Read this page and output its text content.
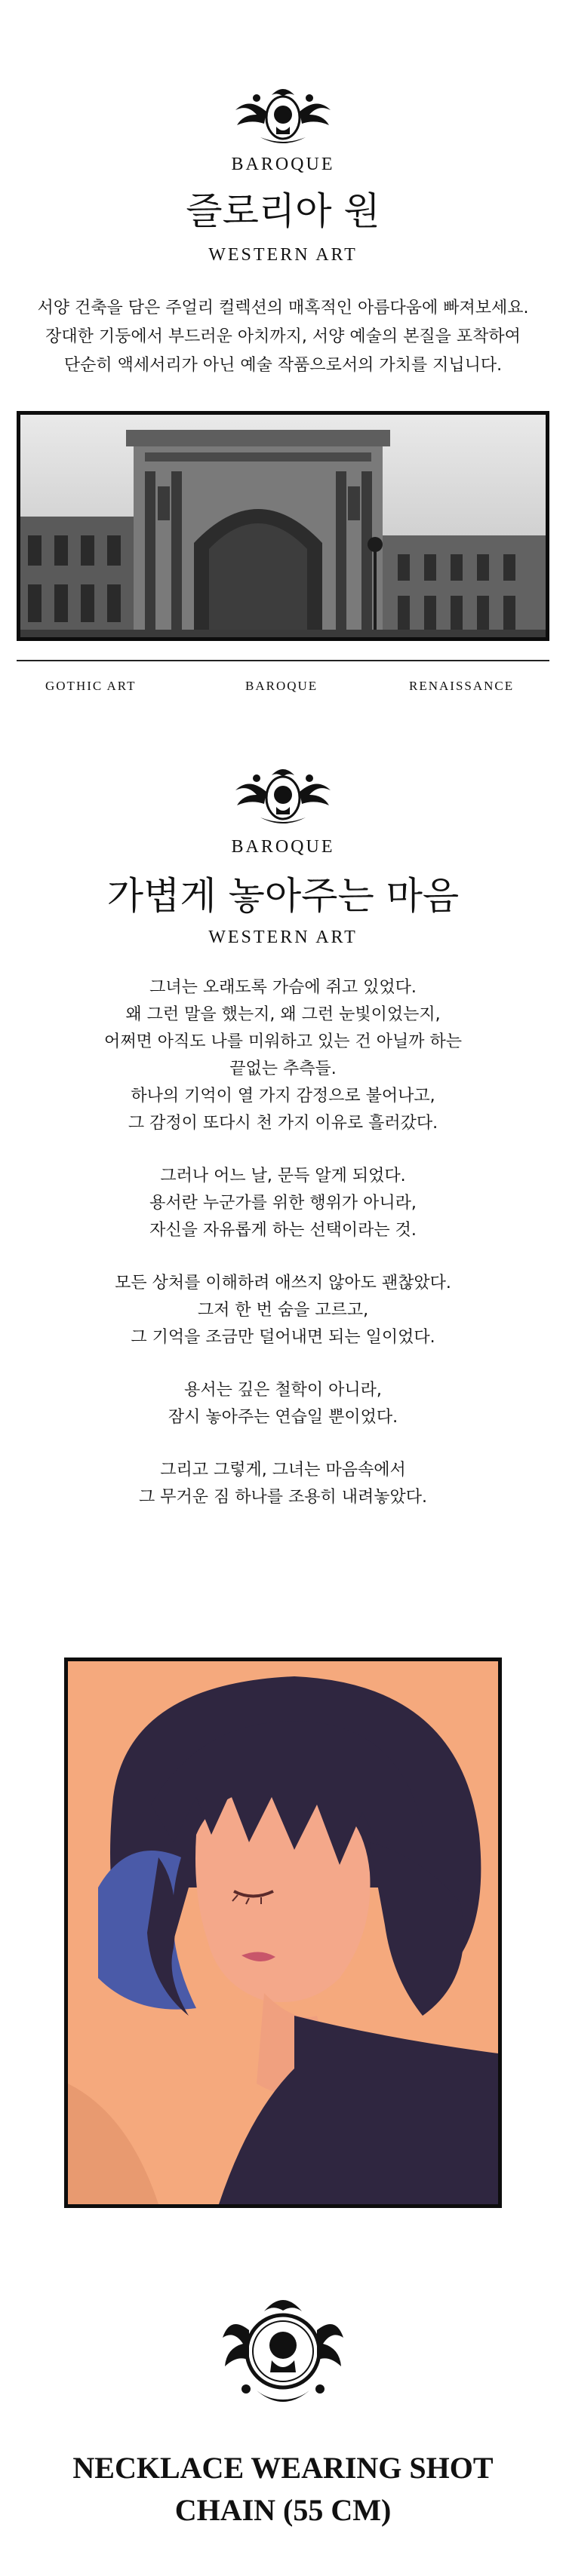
BAROQUE
즐로리아 원
WESTERN ART
서양 건축을 담은 주얼리 컬렉션의 매혹적인 아름다움에 빠져보세요.
장대한 기둥에서 부드러운 아치까지, 서양 예술의 본질을 포착하여
단순히 액세서리가 아닌 예술 작품으로서의 가치를 지닙니다.
GOTHIC ART	BAROQUE	RENAISSANCE
BAROQUE
가볍게 놓아주는 마음
WESTERN ART
그녀는 오래도록 가슴에 쥐고 있었다.
왜 그런 말을 했는지, 왜 그런 눈빛이었는지,
어쩌면 아직도 나를 미워하고 있는 건 아닐까 하는
끝없는 추측들.
하나의 기억이 열 가지 감정으로 불어나고,
그 감정이 또다시 천 가지 이유로 흘러갔다.
그러나 어느 날, 문득 알게 되었다.
용서란 누군가를 위한 행위가 아니라,
자신을 자유롭게 하는 선택이라는 것.
모든 상처를 이해하려 애쓰지 않아도 괜찮았다.
그저 한 번 숨을 고르고,
그 기억을 조금만 덜어내면 되는 일이었다.
용서는 깊은 철학이 아니라,
잠시 놓아주는 연습일 뿐이었다.
그리고 그렇게, 그녀는 마음속에서
그 무거운 짐 하나를 조용히 내려놓았다.
NECKLACE WEARING SHOT
CHAIN (55 CM)
